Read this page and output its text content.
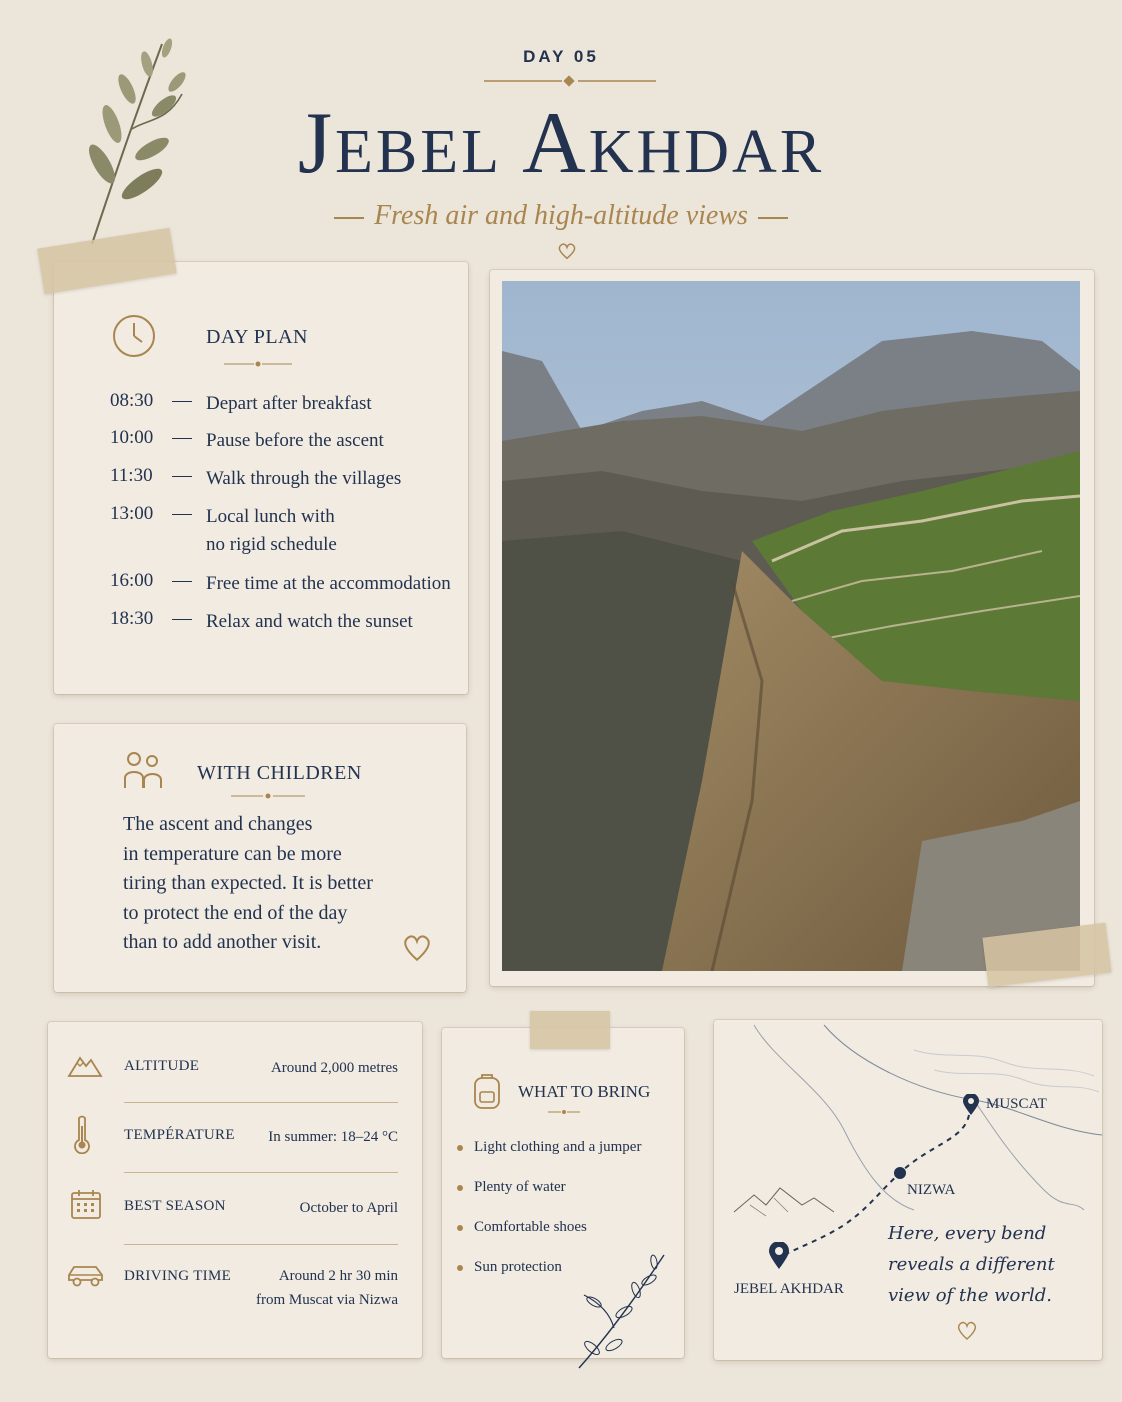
DAY 05
Jebel Akhdar
Fresh air and high-altitude views
DAY PLAN
08:30	Depart after breakfast
10:00	Pause before the ascent
11:30	Walk through the villages
13:00	Local lunch with
no rigid schedule
16:00	Free time at the accommodation
18:30	Relax and watch the sunset
WITH CHILDREN
The ascent and changes
in temperature can be more
tiring than expected. It is better
to protect the end of the day
than to add another visit.
ALTITUDE	Around 2,000 metres
TEMPÉRATURE In summer: 18–24 °C
BEST SEASON	October to April
DRIVING TIME	Around 2 hr 30 min
from Muscat via Nizwa
WHAT TO BRING
Light clothing and a jumper
Plenty of water
Comfortable shoes
Sun protection
MUSCAT
NIZWA
JEBEL AKHDAR
Here, every bend
reveals a different
view of the world.
